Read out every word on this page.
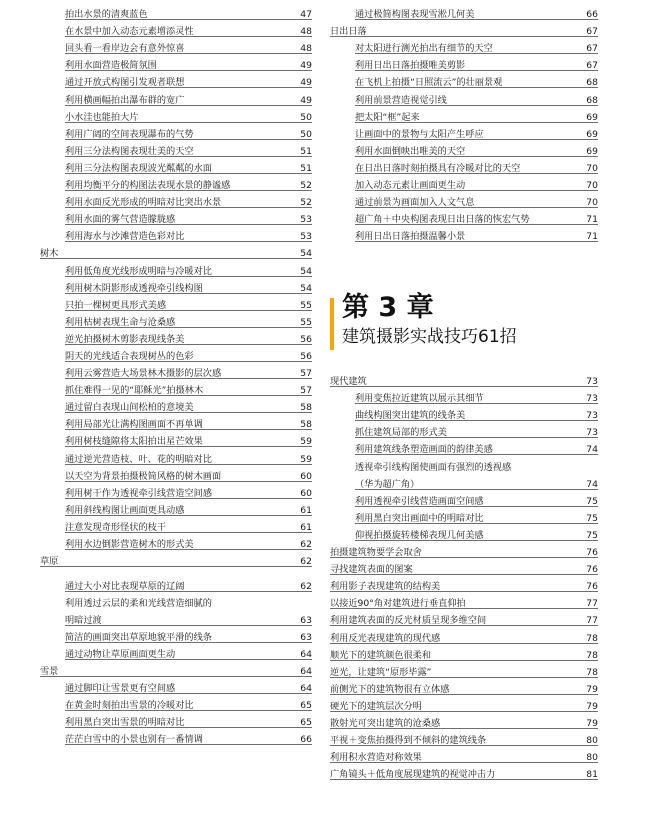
拍出水景的清爽蓝色	47
在水景中加入动态元素增添灵性	48
回头看一看岸边会有意外惊喜	48
利用水面营造极简氛围	49
通过开放式构图引发观者联想	49
利用横画幅拍出瀑布群的宽广	49
小水洼也能拍大片	50
利用广阔的空间表现瀑布的气势	50
利用三分法构图表现壮美的天空	51
利用三分法构图表现波光粼粼的水面	51
利用均衡平分的构图法表现水景的静谧感	52
利用水面反光形成的明暗对比突出水景	52
利用水面的雾气营造朦胧感	53
利用海水与沙滩营造色彩对比	53
树木	54
利用低角度光线形成明暗与冷暖对比	54
利用树木阴影形成透视牵引线构图	54
只拍一棵树更具形式美感	55
利用枯树表现生命与沧桑感	55
逆光拍摄树木剪影表现线条美	56
阴天的光线适合表现树丛的色彩	56
利用云雾营造大场景林木摄影的层次感	57
抓住难得一见的“耶稣光”拍摄林木	57
通过留白表现山间松柏的意境美	58
利用局部光让满构图画面不再单调	58
利用树枝缝隙将太阳拍出星芒效果	59
通过逆光营造枝、叶、花的明暗对比	59
以天空为背景拍摄极简风格的树木画面	60
利用树干作为透视牵引线营造空间感	60
利用斜线构图让画面更具动感	61
注意发现奇形怪状的枝干	61
利用水边倒影营造树木的形式美	62
草原	62
通过大小对比表现草原的辽阔	62
利用透过云层的柔和光线营造细腻的
明暗过渡	63
简洁的画面突出草原地貌平滑的线条	63
通过动物让草原画面更生动	64
雪景	64
通过脚印让雪景更有空间感	64
在黄金时刻拍出雪景的冷暖对比	65
利用黑白突出雪景的明暗对比	65
茫茫白雪中的小景也别有一番情调	66
通过极简构图表现雪淞几何美	66
日出日落	67
对太阳进行测光拍出有细节的天空	67
利用日出日落拍摄唯美剪影	67
在飞机上拍摄“日照流云”的壮丽景观	68
利用前景营造视觉引线	68
把太阳“框”起来	69
让画面中的景物与太阳产生呼应	69
利用水面倒映出唯美的天空	69
在日出日落时刻拍摄具有冷暖对比的天空	70
加入动态元素让画面更生动	70
通过前景为画面加入人文气息	70
超广角＋中央构图表现日出日落的恢宏气势	71
利用日出日落拍摄温馨小景	71
第 3 章
建筑摄影实战技巧61招
现代建筑	73
利用变焦拉近建筑以展示其细节	73
曲线构图突出建筑的线条美	73
抓住建筑局部的形式美	73
利用建筑线条塑造画面的韵律美感	74
透视牵引线构图使画面有强烈的透视感
（华为超广角）	74
利用透视牵引线营造画面空间感	75
利用黑白突出画面中的明暗对比	75
仰视拍摄旋转楼梯表现几何美感	75
拍摄建筑物要学会取舍	76
寻找建筑表面的图案	76
利用影子表现建筑的结构美	76
以接近90°角对建筑进行垂直仰拍	77
利用建筑表面的反光材质呈现多维空间	77
利用反光表现建筑的现代感	78
顺光下的建筑颜色很柔和	78
逆光，让建筑“原形毕露”	78
前侧光下的建筑物很有立体感	79
硬光下的建筑层次分明	79
散射光可突出建筑的沧桑感	79
平视＋变焦拍摄得到不倾斜的建筑线条	80
利用积水营造对称效果	80
广角镜头＋低角度展现建筑的视觉冲击力	81
